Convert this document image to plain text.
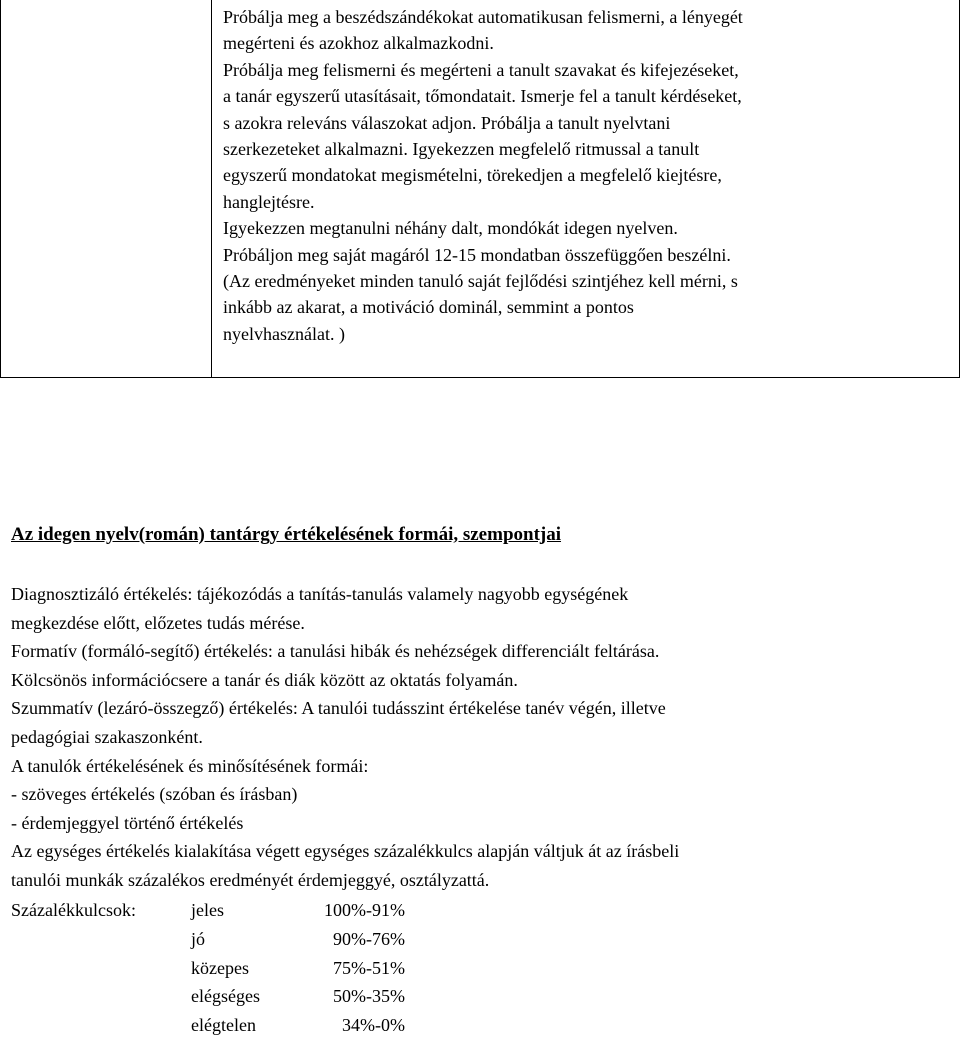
Próbálja meg a beszédszándékokat automatikusan felismerni, a lényegét

megérteni és azokhoz alkalmazkodni.

Próbálja meg felismerni és megérteni a tanult szavakat és kifejezéseket,

a tanár egyszerű utasításait, tőmondatait. Ismerje fel a tanult kérdéseket,

s azokra releváns válaszokat adjon. Próbálja a tanult nyelvtani

szerkezeteket alkalmazni. Igyekezzen megfelelő ritmussal a tanult

egyszerű mondatokat megismételni, törekedjen a megfelelő kiejtésre,

hanglejtésre.

Igyekezzen megtanulni néhány dalt, mondókát idegen nyelven.

Próbáljon meg saját magáról 12-15 mondatban összefüggően beszélni.

(Az eredményeket minden tanuló saját fejlődési szintjéhez kell mérni, s

inkább az akarat, a motiváció dominál, semmint a pontos

nyelvhasználat. )

Az idegen nyelv(román) tantárgy értékelésének formái, szempontjai

Diagnosztizáló értékelés: tájékozódás a tanítás-tanulás valamely nagyobb egységének

megkezdése előtt, előzetes tudás mérése.

Formatív (formáló-segítő) értékelés: a tanulási hibák és nehézségek differenciált feltárása.

Kölcsönös információcsere a tanár és diák között az oktatás folyamán.

Szummatív (lezáró-összegző) értékelés: A tanulói tudásszint értékelése tanév végén, illetve

pedagógiai szakaszonként.

A tanulók értékelésének és minősítésének formái:

- szöveges értékelés (szóban és írásban)

- érdemjeggyel történő értékelés

Az egységes értékelés kialakítása végett egységes százalékkulcs alapján váltjuk át az írásbeli

tanulói munkák százalékos eredményét érdemjeggyé, osztályzattá.

Százalékkulcsok:	jeles	100%-91%
jó	90%-76%
közepes	75%-51%
elégséges	50%-35%
elégtelen	34%-0%
